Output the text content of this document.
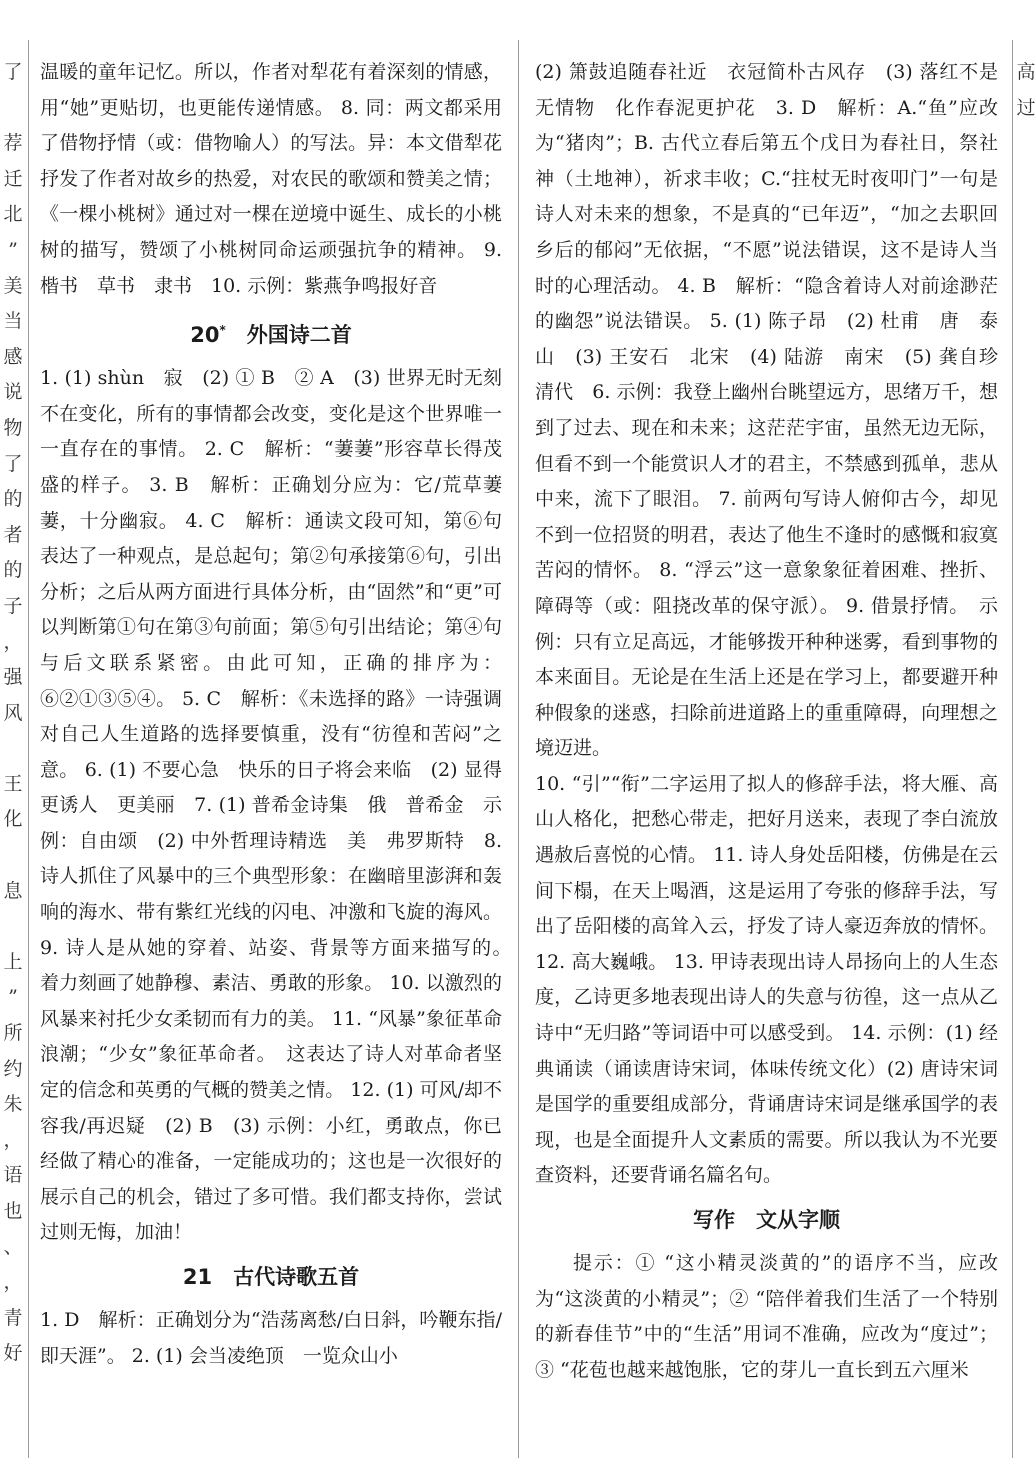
了

荐
迁
北
”
美
当
感
说
物
了
的
者
的
子
，
强
风

王
化

息

上
”
所
约
朱
，
语
也
、
，
青
好
高
过

温暖的童年记忆。所以，作者对犁花有着深刻的情感，用“她”更贴切，也更能传递情感。 8. 同：两文都采用了借物抒情（或：借物喻人）的写法。异：本文借犁花抒发了作者对故乡的热爱，对农民的歌颂和赞美之情；《一棵小桃树》通过对一棵在逆境中诞生、成长的小桃树的描写，赞颂了小桃树同命运顽强抗争的精神。 9. 楷书　草书　隶书　10. 示例：紫燕争鸣报好音

20*　 外国诗二首

1. (1) shùn　寂　(2) ① B　② A　(3) 世界无时无刻不在变化，所有的事情都会改变，变化是这个世界唯一一直存在的事情。 2. C　解析：“萋萋”形容草长得茂盛的样子。 3. B　解析：正确划分应为：它/荒草萋萋，十分幽寂。 4. C　解析：通读文段可知，第⑥句表达了一种观点，是总起句；第②句承接第⑥句，引出分析；之后从两方面进行具体分析，由“固然”和“更”可以判断第①句在第③句前面；第⑤句引出结论；第④句与后文联系紧密。由此可知，正确的排序为：⑥②①③⑤④。 5. C　解析：《未选择的路》一诗强调对自己人生道路的选择要慎重，没有“彷徨和苦闷”之意。 6. (1) 不要心急　快乐的日子将会来临　(2) 显得更诱人　更美丽　7. (1) 普希金诗集　俄　普希金　示例：自由颂　(2) 中外哲理诗精选　美　弗罗斯特　8. 诗人抓住了风暴中的三个典型形象：在幽暗里澎湃和轰响的海水、带有紫红光线的闪电、冲激和飞旋的海风。 9. 诗人是从她的穿着、站姿、背景等方面来描写的。　着力刻画了她静穆、素洁、勇敢的形象。 10. 以激烈的风暴来衬托少女柔韧而有力的美。 11. “风暴”象征革命浪潮；“少女”象征革命者。　这表达了诗人对革命者坚定的信念和英勇的气概的赞美之情。 12. (1) 可风/却不容我/再迟疑　(2) B　(3) 示例：小红，勇敢点，你已经做了精心的准备，一定能成功的；这也是一次很好的展示自己的机会，错过了多可惜。我们都支持你，尝试过则无悔，加油！

21　 古代诗歌五首

1. D　解析：正确划分为“浩荡离愁/白日斜，吟鞭东指/即天涯”。 2. (1) 会当凌绝顶　一览众山小

(2) 箫鼓追随春社近　衣冠简朴古风存　(3) 落红不是无情物　化作春泥更护花　3. D　解析：A.“鱼”应改为“猪肉”；B. 古代立春后第五个戊日为春社日，祭社神（土地神），祈求丰收；C.“拄杖无时夜叩门”一句是诗人对未来的想象，不是真的“已年迈”，“加之去职回乡后的郁闷”无依据，“不愿”说法错误，这不是诗人当时的心理活动。 4. B　解析：“隐含着诗人对前途渺茫的幽怨”说法错误。 5. (1) 陈子昂　(2) 杜甫　唐　泰山　(3) 王安石　北宋　(4) 陆游　南宋　(5) 龚自珍　清代　6. 示例：我登上幽州台眺望远方，思绪万千，想到了过去、现在和未来；这茫茫宇宙，虽然无边无际，但看不到一个能赏识人才的君主，不禁感到孤单，悲从中来，流下了眼泪。 7. 前两句写诗人俯仰古今，却见不到一位招贤的明君，表达了他生不逢时的感慨和寂寞苦闷的情怀。 8. “浮云”这一意象象征着困难、挫折、障碍等（或：阻挠改革的保守派）。 9. 借景抒情。　示例：只有立足高远，才能够拨开种种迷雾，看到事物的本来面目。无论是在生活上还是在学习上，都要避开种种假象的迷惑，扫除前进道路上的重重障碍，向理想之境迈进。

10. “引”“衔”二字运用了拟人的修辞手法，将大雁、高山人格化，把愁心带走，把好月送来，表现了李白流放遇赦后喜悦的心情。 11. 诗人身处岳阳楼，仿佛是在云间下榻，在天上喝酒，这是运用了夸张的修辞手法，写出了岳阳楼的高耸入云，抒发了诗人豪迈奔放的情怀。 12. 高大巍峨。 13. 甲诗表现出诗人昂扬向上的人生态度，乙诗更多地表现出诗人的失意与彷徨，这一点从乙诗中“无归路”等词语中可以感受到。 14. 示例：(1) 经典诵读（诵读唐诗宋词，体味传统文化）(2) 唐诗宋词是国学的重要组成部分，背诵唐诗宋词是继承国学的表现，也是全面提升人文素质的需要。所以我认为不光要查资料，还要背诵名篇名句。

写作　文从字顺

提示：① “这小精灵淡黄的”的语序不当，应改为“这淡黄的小精灵”；② “陪伴着我们生活了一个特别的新春佳节”中的“生活”用词不准确，应改为“度过”；③ “花苞也越来越饱胀，它的芽儿一直长到五六厘米
